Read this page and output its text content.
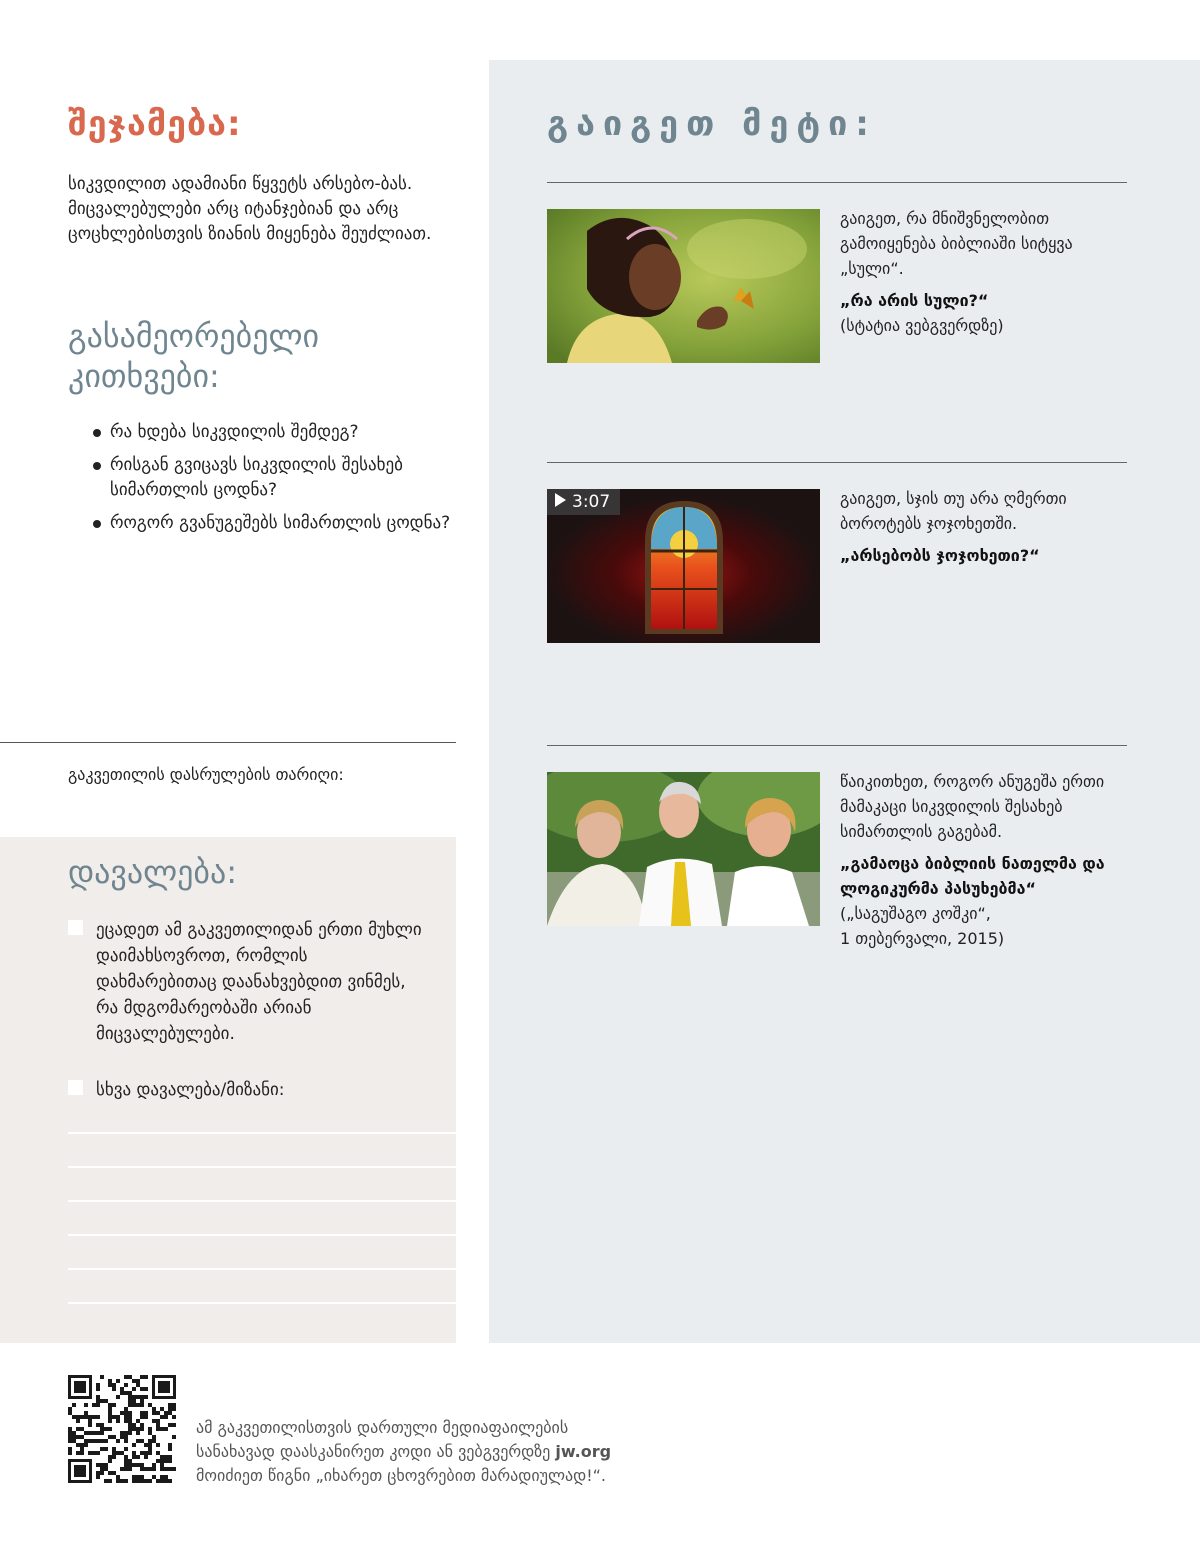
შეჯამება:

სიკვდილით ადამიანი წყვეტს არსებო-ბას. მიცვალებულები არც იტანჯებიან და არც ცოცხლებისთვის ზიანის მიყენება შეუძლიათ.

გასამეორებელი კითხვები:
რა ხდება სიკვდილის შემდეგ?
რისგან გვიცავს სიკვდილის შესახებ სიმართლის ცოდნა?
როგორ გვანუგეშებს სიმართლის ცოდნა?

გაკვეთილის დასრულების თარიღი:

დავალება:

ეცადეთ ამ გაკვეთილიდან ერთი მუხლი დაიმახსოვროთ, რომლის დახმარებითაც დაანახვებდით ვინმეს, რა მდგომარეობაში არიან მიცვალებულები.

სხვა დავალება/მიზანი:

გაიგეთ მეტი:

გაიგეთ, რა მნიშვნელობით გამოიყენება ბიბლიაში სიტყვა „სული“.

„რა არის სული?“

(სტატია ვებგვერდზე)

3:07	გაიგეთ, სჯის თუ არა ღმერთი ბოროტებს ჯოჯოხეთში.

„არსებობს ჯოჯოხეთი?“

წაიკითხეთ, როგორ ანუგეშა ერთი მამაკაცი სიკვდილის შესახებ სიმართლის გაგებამ.

„გამაოცა ბიბლიის ნათელმა და ლოგიკურმა პასუხებმა“

(„საგუშაგო კოშკი“,
1 თებერვალი, 2015)

ამ გაკვეთილისთვის დართული მედიაფაილების
სანახავად დაასკანირეთ კოდი ან ვებგვერდზე jw.org
მოიძიეთ წიგნი „იხარეთ ცხოვრებით მარადიულად!“.
